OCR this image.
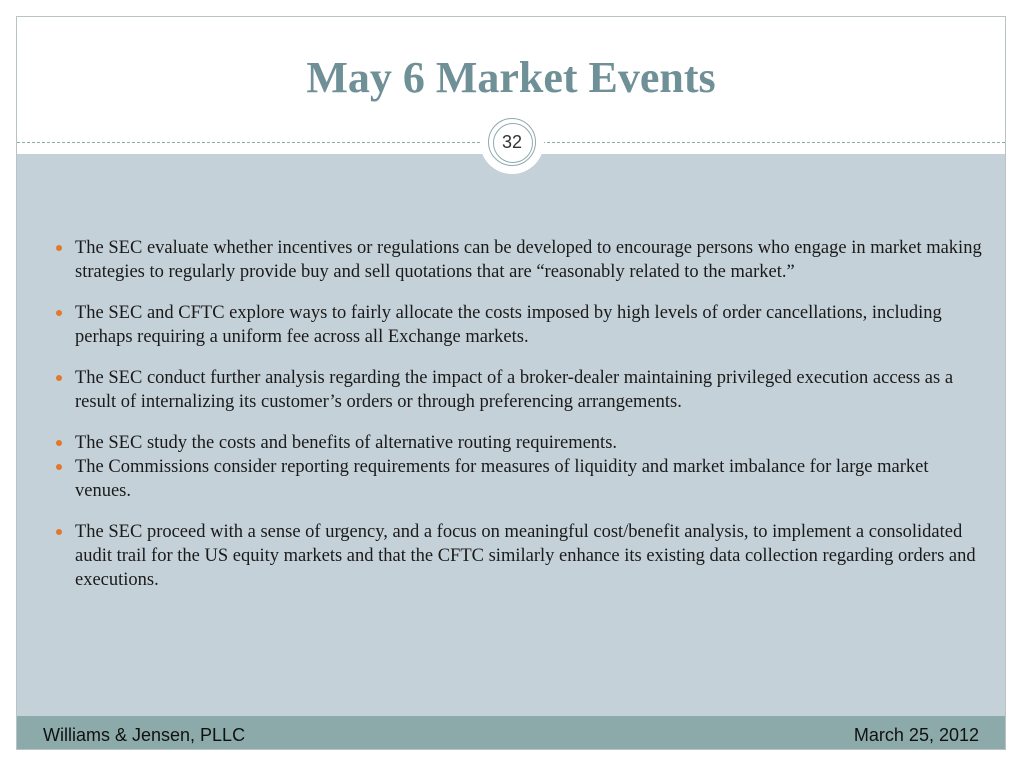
May 6 Market Events
32
The SEC evaluate whether incentives or regulations can be developed to encourage persons who engage in market making strategies to regularly provide buy and sell quotations that are “reasonably related to the market.”
The SEC and CFTC explore ways to fairly allocate the costs imposed by high levels of order cancellations, including perhaps requiring a uniform fee across all Exchange markets.
The SEC conduct further analysis regarding the impact of a broker-dealer maintaining privileged execution access as a result of internalizing its customer’s orders or through preferencing arrangements.
The SEC study the costs and benefits of alternative routing requirements.
The Commissions consider reporting requirements for measures of liquidity and market imbalance for large market venues.
The SEC proceed with a sense of urgency, and a focus on meaningful cost/benefit analysis, to implement a consolidated audit trail for the US equity markets and that the CFTC similarly enhance its existing data collection regarding orders and executions.
Williams & Jensen, PLLC	March 25, 2012
